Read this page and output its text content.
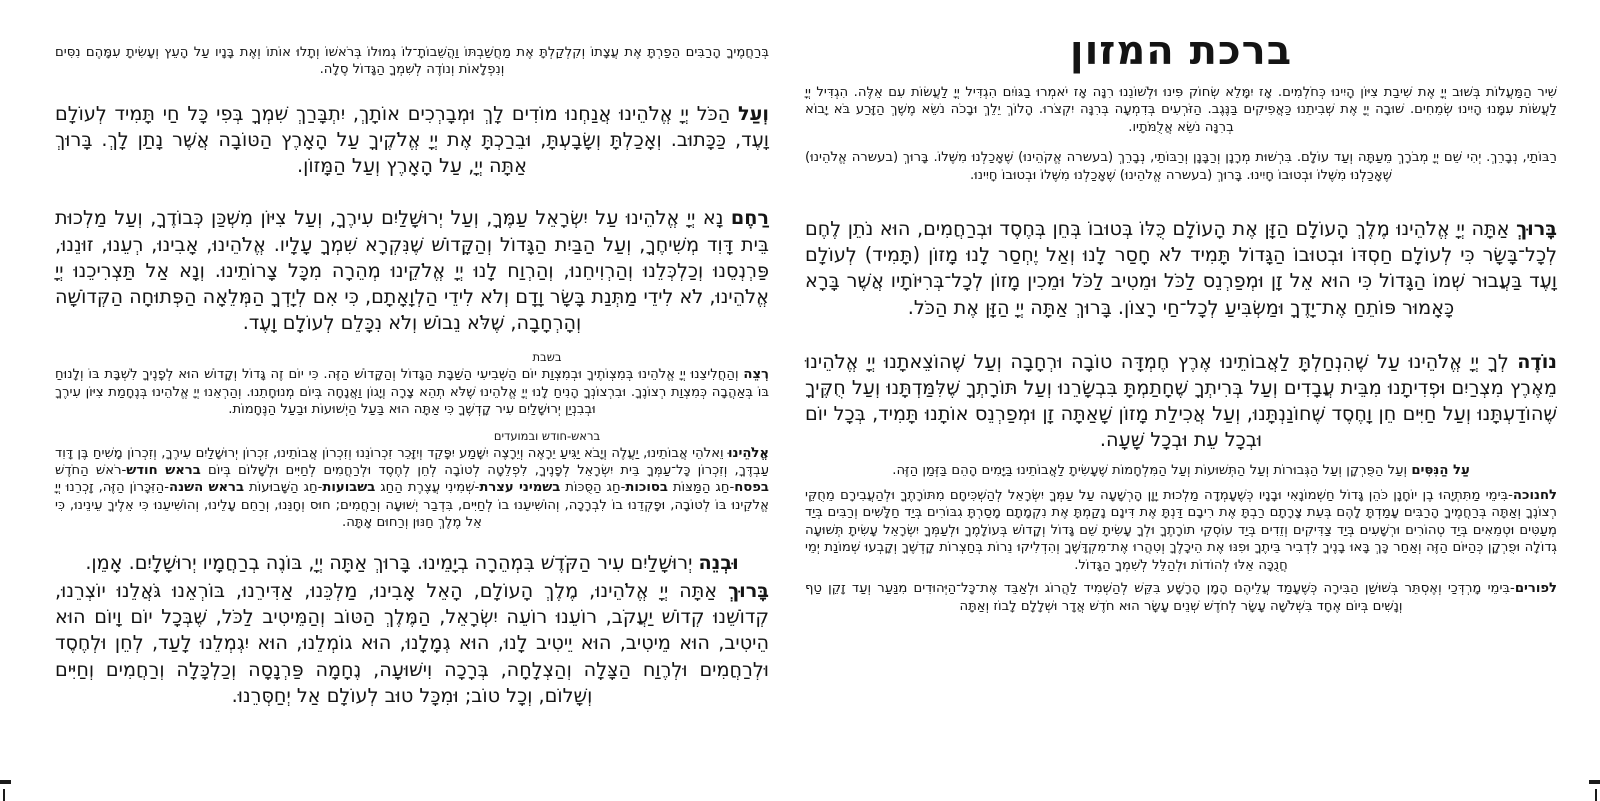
בְּרַחֲמֶיךָ הָרַבִּים הֵפַרְתָּ אֶת עֲצָתוֹ וְקִלְקַלְתָּ אֶת מַחֲשַׁבְתּוֹ וַהֲשֵׁבוֹתָ־לוֹ גְמוּלוֹ בְּרֹאשׁוֹ וְתָלוּ אוֹתוֹ וְאֶת בָּנָיו עַל הָעֵץ וְעָשִׂיתָ עִמָּהֶם נִסִּים וְנִפְלָאוֹת וְנוֹדֶה לְשִׁמְךָ הַגָּדוֹל סֶלָה.

וְעַל הַכֹּל יְיָ אֱלֹהֵינוּ אֲנַחְנוּ מוֹדִים לָךְ וּמְבָרְכִים אוֹתָךְ, יִתְבָּרַךְ שִׁמְךָ בְּפִי כָּל חַי תָּמִיד לְעוֹלָם וָעֶד, כַּכָּתוּב. וְאָכַלְתָּ וְשָׂבָעְתָּ, וּבֵרַכְתָּ אֶת יְיָ אֱלֹקֶיךָ עַל הָאָרֶץ הַטּוֹבָה אֲשֶׁר נָתַן לָךְ. בָּרוּךְ אַתָּה יְיָ, עַל הָאָרֶץ וְעַל הַמָּזוֹן.

רַחֶם נָא יְיָ אֱלֹהֵינוּ עַל יִשְׂרָאֵל עַמֶּךָ, וְעַל יְרוּשָׁלַיִם עִירֶךָ, וְעַל צִיּוֹן מִשְׁכַּן כְּבוֹדֶךָ, וְעַל מַלְכוּת בֵּית דָּוִד מְשִׁיחֶךָ, וְעַל הַבַּיִת הַגָּדוֹל וְהַקָּדוֹשׁ שֶׁנִּקְרָא שִׁמְךָ עָלָיו. אֱלֹהֵינוּ, אָבִינוּ, רְעֵנוּ, זוּנֵנוּ, פַּרְנְסֵנוּ וְכַלְכְּלֵנוּ וְהַרְוִיחֵנוּ, וְהַרְוַח לָנוּ יְיָ אֱלֹקֵינוּ מְהֵרָה מִכָּל צָרוֹתֵינוּ. וְנָא אַל תַּצְרִיכֵנוּ יְיָ אֱלֹהֵינוּ, לֹא לִידֵי מַתְּנַת בָּשָׂר וָדָם וְלֹא לִידֵי הַלְוָאָתָם, כִּי אִם לְיָדְךָ הַמְּלֵאָה הַפְּתוּחָה הַקְּדוֹשָׁה וְהָרְחָבָה, שֶׁלֹּא נֵבוֹשׁ וְלֹא נִכָּלֵם לְעוֹלָם וָעֶד.

בשבת

רְצֵה וְהַחֲלִיצֵנוּ יְיָ אֱלֹהֵינוּ בְּמִצְוֹתֶיךָ וּבְמִצְוַת יוֹם הַשְּׁבִיעִי הַשַּׁבָּת הַגָּדוֹל וְהַקָּדוֹשׁ הַזֶּה. כִּי יוֹם זֶה גָּדוֹל וְקָדוֹשׁ הוּא לְפָנֶיךָ לִשְׁבָּת בּוֹ וְלָנוּחַ בּוֹ בְּאַהֲבָה כְּמִצְוַת רְצוֹנֶךָ. וּבִרְצוֹנְךָ הָנִיחַ לָנוּ יְיָ אֱלֹהֵינוּ שֶׁלֹּא תְהֵא צָרָה וְיָגוֹן וַאֲנָחָה בְּיוֹם מְנוּחָתֵנוּ. וְהַרְאֵנוּ יְיָ אֱלֹהֵינוּ בְּנֶחָמַת צִיּוֹן עִירֶךָ וּבְבִנְיַן יְרוּשָׁלַיִם עִיר קָדְשֶׁךָ כִּי אַתָּה הוּא בַּעַל הַיְשׁוּעוֹת וּבַעַל הַנֶּחָמוֹת.

בראש-חודש ובמועדים

אֱלֹהֵינוּ וֵאלֹהֵי אֲבוֹתֵינוּ, יַעֲלֶה וְיָבֹא יַגִּיעַ יֵרָאֶה וְיֵרָצֶה יִשָּׁמַע יִפָּקֵד וְיִזָּכֵר זִכְרוֹנֵנוּ וְזִכְרוֹן אֲבוֹתֵינוּ, זִכְרוֹן יְרוּשָׁלַיִם עִירֶךָ, וְזִכְרוֹן מָשִׁיחַ בֶּן דָּוִד עַבְדֶּךָ, וְזִכְרוֹן כָּל־עַמְּךָ בֵּית יִשְׂרָאֵל לְפָנֶיךָ, לִפְלֵטָה לְטוֹבָה לְחֵן לְחֶסֶד וּלְרַחֲמִים לְחַיִּים וּלְשָׁלוֹם בְּיוֹם בראש חודש-רֹאשׁ הַחֹדֶשׁ בפסח-חַג הַמַּצּוֹת בסוכות-חַג הַסֻּכּוֹת בשמיני עצרת-שְׁמִינִי עֲצֶרֶת הַחַג בשבועות-חַג הַשָּׁבוּעוֹת בראש השנה-הַזִּכָּרוֹן הַזֶּה, זָכְרֵנוּ יְיָ אֱלֹקֵינוּ בּוֹ לְטוֹבָה, וּפָקְדֵנוּ בוֹ לִבְרָכָה, וְהוֹשִׁיעֵנוּ בוֹ לְחַיִּים, בִּדְבַר יְשׁוּעָה וְרַחֲמִים; חוּס וְחָנֵּנוּ, וְרַחֵם עָלֵינוּ, וְהוֹשִׁיעֵנוּ כִּי אֵלֶיךָ עֵינֵינוּ, כִּי אֵל מֶלֶךְ חַנּוּן וְרַחוּם אָתָּה.

וּבְנֵה יְרוּשָׁלַיִם עִיר הַקֹּדֶשׁ בִּמְהֵרָה בְיָמֵינוּ. בָּרוּךְ אַתָּה יְיָ, בּוֹנֶה בְרַחֲמָיו יְרוּשָׁלָיִם. אָמֵן.

בָּרוּךְ אַתָּה יְיָ אֱלֹהֵינוּ, מֶלֶךְ הָעוֹלָם, הָאֵל אָבִינוּ, מַלְכֵּנוּ, אַדִּירֵנוּ, בּוֹרְאֵנוּ גֹּאֲלֵנוּ יוֹצְרֵנוּ, קְדוֹשֵׁנוּ קְדוֹשׁ יַעֲקֹב, רוֹעֵנוּ רוֹעֵה יִשְׂרָאֵל, הַמֶּלֶךְ הַטּוֹב וְהַמֵּיטִיב לַכֹּל, שֶׁבְּכָל יוֹם וָיוֹם הוּא הֵיטִיב, הוּא מֵיטִיב, הוּא יֵיטִיב לָנוּ, הוּא גְמָלָנוּ, הוּא גוֹמְלֵנוּ, הוּא יִגְמְלֵנוּ לָעַד, לְחֵן וּלְחֶסֶד וּלְרַחֲמִים וּלְרֶוַח הַצָּלָה וְהַצְלָחָה, בְּרָכָה וִישׁוּעָה, נֶחָמָה פַּרְנָסָה וְכַלְכָּלָה וְרַחֲמִים וְחַיִּים וְשָׁלוֹם, וְכָל טוֹב; וּמִכָּל טוּב לְעוֹלָם אַל יְחַסְּרֵנוּ.

ברכת המזון

שִׁיר הַמַּעֲלוֹת בְּשׁוּב יְיָ אֶת שִׁיבַת צִיּוֹן הָיִינוּ כְּחֹלְמִים. אָז יִמָּלֵא שְׂחוֹק פִּינוּ וּלְשׁוֹנֵנוּ רִנָּה אָז יֹאמְרוּ בַגּוֹיִם הִגְדִּיל יְיָ לַעֲשׂוֹת עִם אֵלֶּה. הִגְדִּיל יְיָ לַעֲשׂוֹת עִמָּנוּ הָיִינוּ שְׂמֵחִים. שׁוּבָה יְיָ אֶת שְׁבִיתֵנוּ כַּאֲפִיקִים בַּנֶּגֶב. הַזֹּרְעִים בְּדִמְעָה בְּרִנָּה יִקְצֹרוּ. הָלוֹךְ יֵלֵךְ וּבָכֹה נֹשֵׂא מֶשֶׁךְ הַזָּרַע בֹּא יָבוֹא בְרִנָּה נֹשֵׂא אֲלֻמֹּתָיו.

רַבּוֹתַי, נְבָרֵךְ. יְהִי שֵׁם יְיָ מְבֹרָךְ מֵעַתָּה וְעַד עוֹלָם. בִּרְשׁוּת מְרָנָן וְרַבָּנָן וְרַבּוֹתַי, נְבָרֵךְ (בעשרה אֱקֹהֵינוּ) שֶׁאָכַלְנוּ מִשֶּׁלוֹ. בָּרוּךְ (בעשרה אֱלֹהֵינוּ) שֶׁאָכַלְנוּ מִשֶּׁלוֹ וּבְטוּבוֹ חָיִינוּ. בָּרוּךְ (בעשרה אֱלֹהֵינוּ) שֶׁאָכַלְנוּ מִשֶּׁלוֹ וּבְטוּבוֹ חָיִינוּ.

בָּרוּךְ אַתָּה יְיָ אֱלֹהֵינוּ מֶלֶךְ הָעוֹלָם הַזָּן אֶת הָעוֹלָם כֻּלּוֹ בְּטוּבוֹ בְּחֵן בְּחֶסֶד וּבְרַחֲמִים, הוּא נֹתֵן לֶחֶם לְכָל־בָּשָׂר כִּי לְעוֹלָם חַסְדּוֹ וּבְטוּבוֹ הַגָּדוֹל תָּמִיד לֹא חָסַר לָנוּ וְאַל יֶחְסַר לָנוּ מָזוֹן (תָּמִיד) לְעוֹלָם וָעֶד בַּעֲבוּר שְׁמוֹ הַגָּדוֹל כִּי הוּא אֵל זָן וּמְפַרְנֵס לַכֹּל וּמֵטִיב לַכֹּל וּמֵכִין מָזוֹן לְכָל־בְּרִיּוֹתָיו אֲשֶׁר בָּרָא כָּאָמוּר פּוֹתֵחַ אֶת־יָדֶךָ וּמַשְׂבִּיעַ לְכָל־חַי רָצוֹן. בָּרוּךְ אַתָּה יְיָ הַזָּן אֶת הַכֹּל.

נוֹדֶה לְךָ יְיָ אֱלֹהֵינוּ עַל שֶׁהִנְחַלְתָּ לַאֲבוֹתֵינוּ אֶרֶץ חֶמְדָּה טוֹבָה וּרְחָבָה וְעַל שֶׁהוֹצֵאתָנוּ יְיָ אֱלֹהֵינוּ מֵאֶרֶץ מִצְרַיִם וּפְדִיתָנוּ מִבֵּית עֲבָדִים וְעַל בְּרִיתְךָ שֶׁחָתַמְתָּ בִּבְשָׂרֵנוּ וְעַל תּוֹרָתְךָ שֶׁלִּמַּדְתָּנוּ וְעַל חֻקֶּיךָ שֶׁהוֹדַעְתָּנוּ וְעַל חַיִּים חֵן וָחֶסֶד שֶׁחוֹנַנְתָּנוּ, וְעַל אֲכִילַת מָזוֹן שָׁאַתָּה זָן וּמְפַרְנֵס אוֹתָנוּ תָּמִיד, בְּכָל יוֹם וּבְכָל עֵת וּבְכָל שָׁעָה.

עַל הַנִּסִּים וְעַל הַפֻּרְקָן וְעַל הַגְּבוּרוֹת וְעַל הַתְּשׁוּעוֹת וְעַל הַמִּלְחָמוֹת שֶׁעָשִׂיתָ לַאֲבוֹתֵינוּ בַּיָּמִים הָהֵם בַּזְּמַן הַזֶּה.

לחנוכה-בִּימֵי מַתִּתְיָהוּ בֶן יוֹחָנָן כֹּהֵן גָּדוֹל חַשְׁמוֹנָאִי וּבָנָיו כְּשֶׁעָמְדָה מַלְכוּת יָוָן הָרְשָׁעָה עַל עַמְּךָ יִשְׂרָאֵל לְהַשְׁכִּיחָם מִתּוֹרָתֶךָ וּלְהַעֲבִירָם מֵחֻקֵּי רְצוֹנֶךָ וְאַתָּה בְּרַחֲמֶיךָ הָרַבִּים עָמַדְתָּ לָהֶם בְּעֵת צָרָתָם רַבְתָּ אֶת רִיבָם דַּנְתָּ אֶת דִּינָם נָקַמְתָּ אֶת נִקְמָתָם מָסַרְתָּ גִבּוֹרִים בְּיַד חַלָּשִׁים וְרַבִּים בְּיַד מְעַטִּים וּטְמֵאִים בְּיַד טְהוֹרִים וּרְשָׁעִים בְּיַד צַדִּיקִים וְזֵדִים בְּיַד עוֹסְקֵי תוֹרָתֶךָ וּלְךָ עָשִׂיתָ שֵׁם גָּדוֹל וְקָדוֹשׁ בְּעוֹלָמֶךָ וּלְעַמְּךָ יִשְׂרָאֵל עָשִׂיתָ תְּשׁוּעָה גְדוֹלָה וּפֻרְקָן כְּהַיּוֹם הַזֶּה וְאַחַר כָּךְ בָּאוּ בָנֶיךָ לִדְבִיר בֵּיתֶךָ וּפִנּוּ אֶת הֵיכָלֶךָ וְטִהֲרוּ אֶת־מִקְדָּשֶׁךָ וְהִדְלִיקוּ נֵרוֹת בְּחַצְרוֹת קָדְשֶׁךָ וְקָבְעוּ שְׁמוֹנַת יְמֵי חֲנֻכָּה אֵלּוּ לְהוֹדוֹת וּלְהַלֵּל לְשִׁמְךָ הַגָּדוֹל.

לפורים-בִּימֵי מָרְדְּכַי וְאֶסְתֵּר בְּשׁוּשַׁן הַבִּירָה כְּשֶׁעָמַד עֲלֵיהֶם הָמָן הָרָשָׁע בִּקֵּשׁ לְהַשְׁמִיד לַהֲרוֹג וּלְאַבֵּד אֶת־כָּל־הַיְּהוּדִים מִנַּעַר וְעַד זָקֵן טַף וְנָשִׁים בְּיוֹם אֶחָד בִּשְׁלֹשָׁה עָשָׂר לְחֹדֶשׁ שְׁנֵים עָשָׂר הוּא חֹדֶשׁ אֲדָר וּשְׁלָלָם לָבוֹז וְאַתָּה
